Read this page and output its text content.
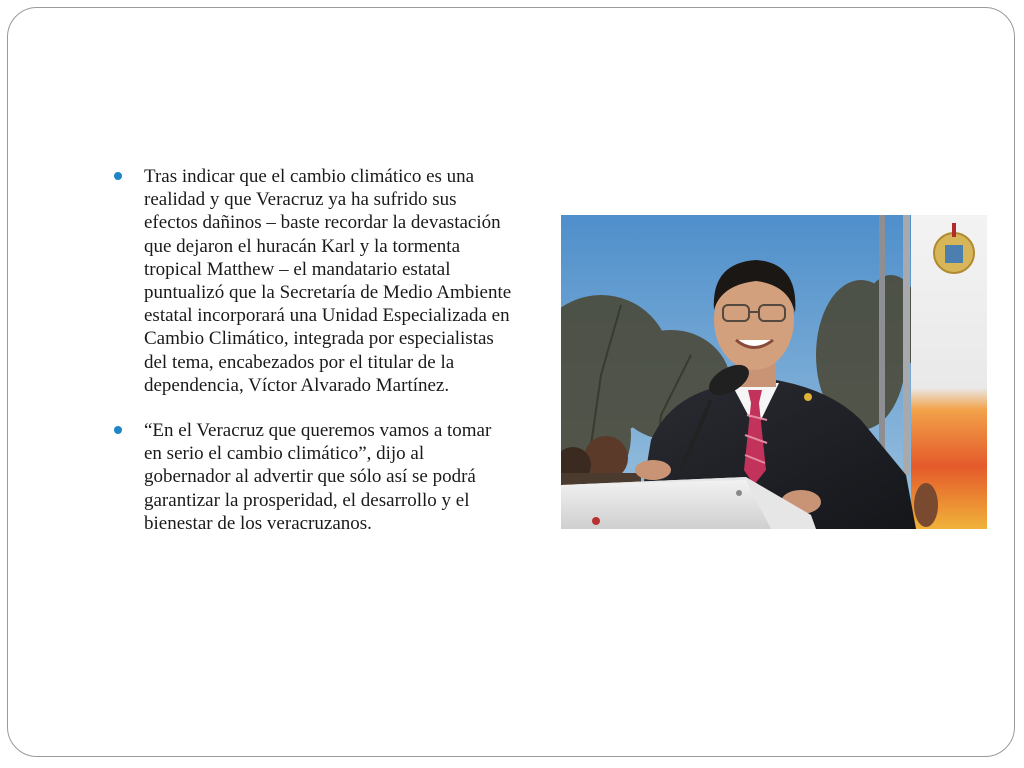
Tras indicar que el cambio climático es una realidad y que Veracruz ya ha sufrido sus efectos dañinos – baste recordar la devastación que dejaron el huracán Karl y la tormenta tropical Matthew – el mandatario estatal puntualizó que la Secretaría de Medio Ambiente estatal incorporará una Unidad Especializada en Cambio Climático, integrada por especialistas del tema, encabezados por el titular de la dependencia, Víctor Alvarado Martínez.
“En el Veracruz que queremos vamos a tomar en serio el cambio climático”, dijo al gobernador al advertir que sólo así se podrá garantizar la prosperidad, el desarrollo y el bienestar de los veracruzanos.
